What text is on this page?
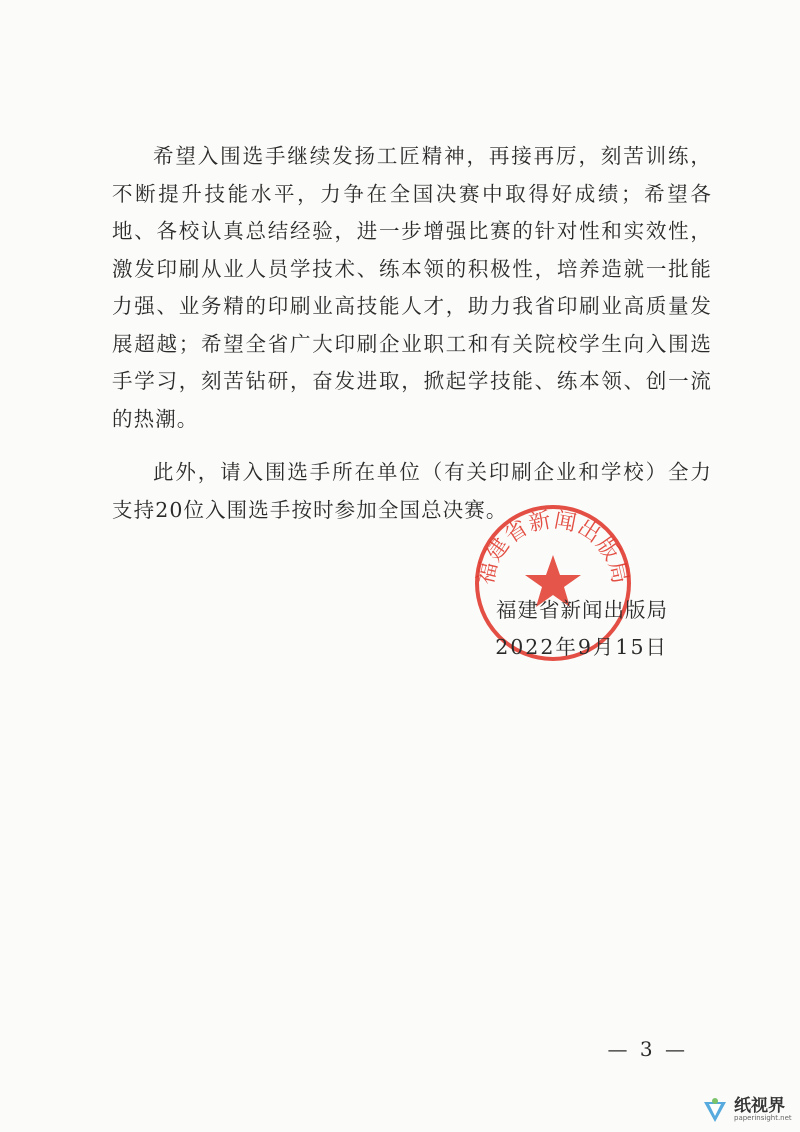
希望入围选手继续发扬工匠精神，再接再厉，刻苦训练，不断提升技能水平，力争在全国决赛中取得好成绩；希望各地、各校认真总结经验，进一步增强比赛的针对性和实效性，激发印刷从业人员学技术、练本领的积极性，培养造就一批能力强、业务精的印刷业高技能人才，助力我省印刷业高质量发展超越；希望全省广大印刷企业职工和有关院校学生向入围选手学习，刻苦钻研，奋发进取，掀起学技能、练本领、创一流的热潮。

此外，请入围选手所在单位（有关印刷企业和学校）全力支持20位入围选手按时参加全国总决赛。

福建省新闻出版局
福建省新闻出版局
2022年9月15日
— 3 —
纸视界
paperinsight.net
